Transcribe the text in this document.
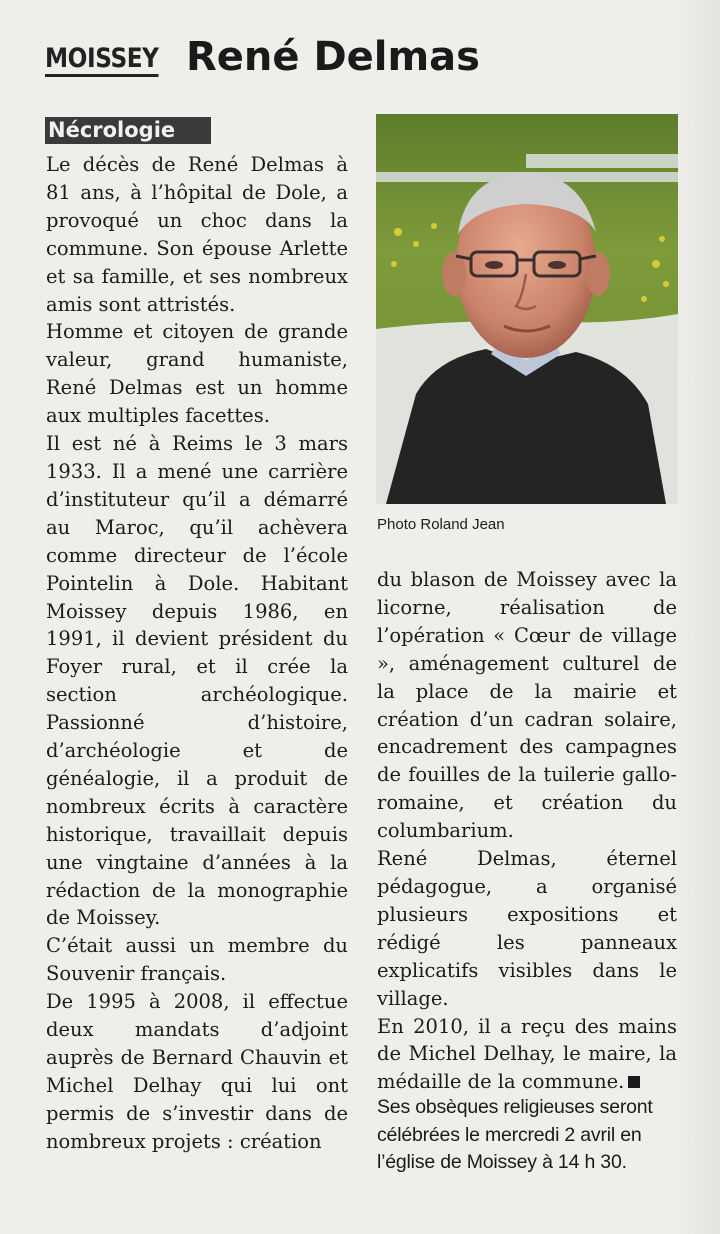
MOISSEY René Delmas
Nécrologie

Le décès de René Delmas à 81 ans, à l’hôpital de Dole, a provoqué un choc dans la commune. Son épouse Arlette et sa famille, et ses nombreux amis sont attristés.

Homme et citoyen de grande valeur, grand humaniste, René Delmas est un homme aux multiples facettes.

Il est né à Reims le 3 mars 1933. Il a mené une carrière d’instituteur qu’il a démarré au Maroc, qu’il achèvera comme directeur de l’école Pointelin à Dole. Habitant Moissey depuis 1986, en 1991, il devient président du Foyer rural, et il crée la section archéologique. Passionné d’histoire, d’archéologie et de généalogie, il a produit de nombreux écrits à caractère historique, travaillait depuis une vingtaine d’années à la rédaction de la monographie de Moissey.

C’était aussi un membre du Souvenir français.

De 1995 à 2008, il effectue deux mandats d’adjoint auprès de Bernard Chauvin et Michel Delhay qui lui ont permis de s’investir dans de nombreux projets : création

Photo Roland Jean

du blason de Moissey avec la licorne, réalisation de l’opération « Cœur de village », aménagement culturel de la place de la mairie et création d’un cadran solaire, encadrement des campagnes de fouilles de la tuilerie gallo-romaine, et création du columbarium.

René Delmas, éternel pédagogue, a organisé plusieurs expositions et rédigé les panneaux explicatifs visibles dans le village.

En 2010, il a reçu des mains de Michel Delhay, le maire, la médaille de la commune.

Ses obsèques religieuses seront célébrées le mercredi 2 avril en l’église de Moissey à 14 h 30.
